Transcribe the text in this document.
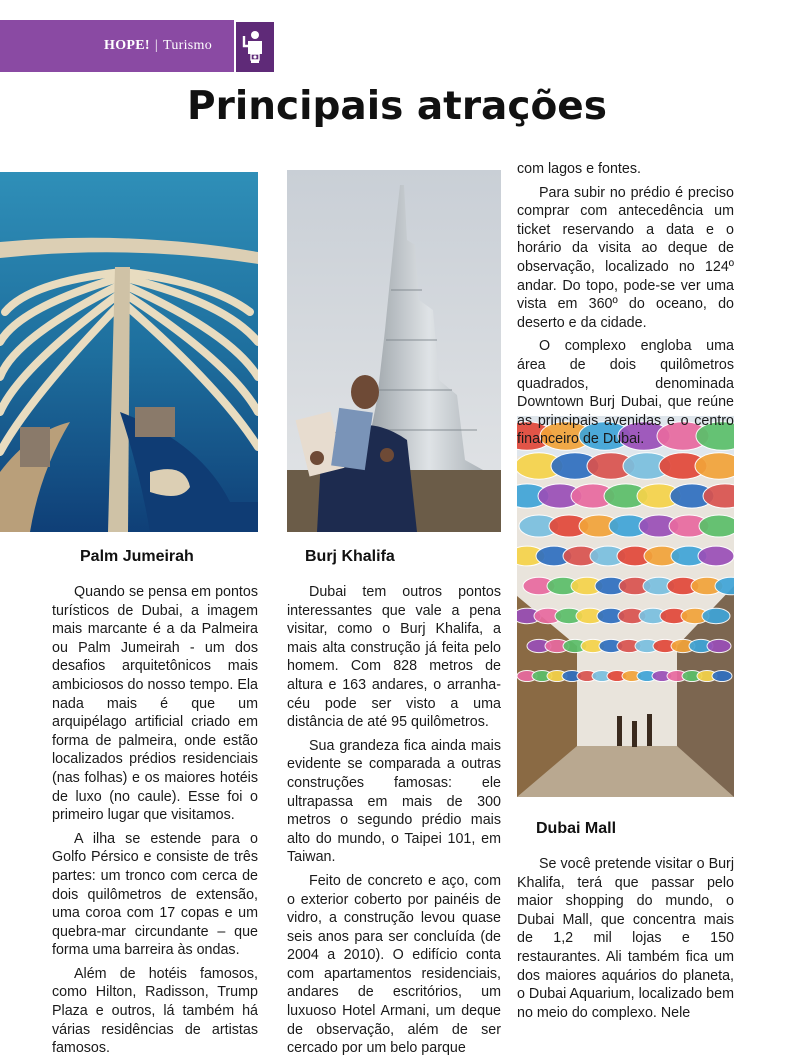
HOPE! | Turismo
Principais atrações
Palm Jumeirah	Burj Khalifa
Dubai Mall

Quando se pensa em pontos turísticos de Dubai, a imagem mais marcante é a da Palmeira ou Palm Jumeirah - um dos desafios arquitetônicos mais ambiciosos do nosso tempo. Ela nada mais é que um arquipélago artificial criado em forma de palmeira, onde estão localizados prédios residenciais (nas folhas) e os maiores hotéis de luxo (no caule). Esse foi o primeiro lugar que visitamos.

A ilha se estende para o Golfo Pérsico e consiste de três partes: um tronco com cerca de dois quilômetros de extensão, uma coroa com 17 copas e um quebra-mar circundante – que forma uma barreira às ondas.

Além de hotéis famosos, como Hilton, Radisson, Trump Plaza e outros, lá também há várias residências de artistas famosos.

Dubai tem outros pontos interessantes que vale a pena visitar, como o Burj Khalifa, a mais alta construção já feita pelo homem. Com 828 metros de altura e 163 andares, o arranha-céu pode ser visto a uma distância de até 95 quilômetros.

Sua grandeza fica ainda mais evidente se comparada a outras construções famosas: ele ultrapassa em mais de 300 metros o segundo prédio mais alto do mundo, o Taipei 101, em Taiwan.

Feito de concreto e aço, com o exterior coberto por painéis de vidro, a construção levou quase seis anos para ser concluída (de 2004 a 2010). O edifício conta com apartamentos residenciais, andares de escritórios, um luxuoso Hotel Armani, um deque de observação, além de ser cercado por um belo parque

com lagos e fontes.

Para subir no prédio é preciso comprar com antecedência um ticket reservando a data e o horário da visita ao deque de observação, localizado no 124º andar. Do topo, pode-se ver uma vista em 360º do oceano, do deserto e da cidade.

O complexo engloba uma área de dois quilômetros quadrados, denominada Downtown Burj Dubai, que reúne as principais avenidas e o centro financeiro de Dubai.

Se você pretende visitar o Burj Khalifa, terá que passar pelo maior shopping do mundo, o Dubai Mall, que concentra mais de 1,2 mil lojas e 150 restaurantes. Ali também fica um dos maiores aquários do planeta, o Dubai Aquarium, localizado bem no meio do complexo. Nele
